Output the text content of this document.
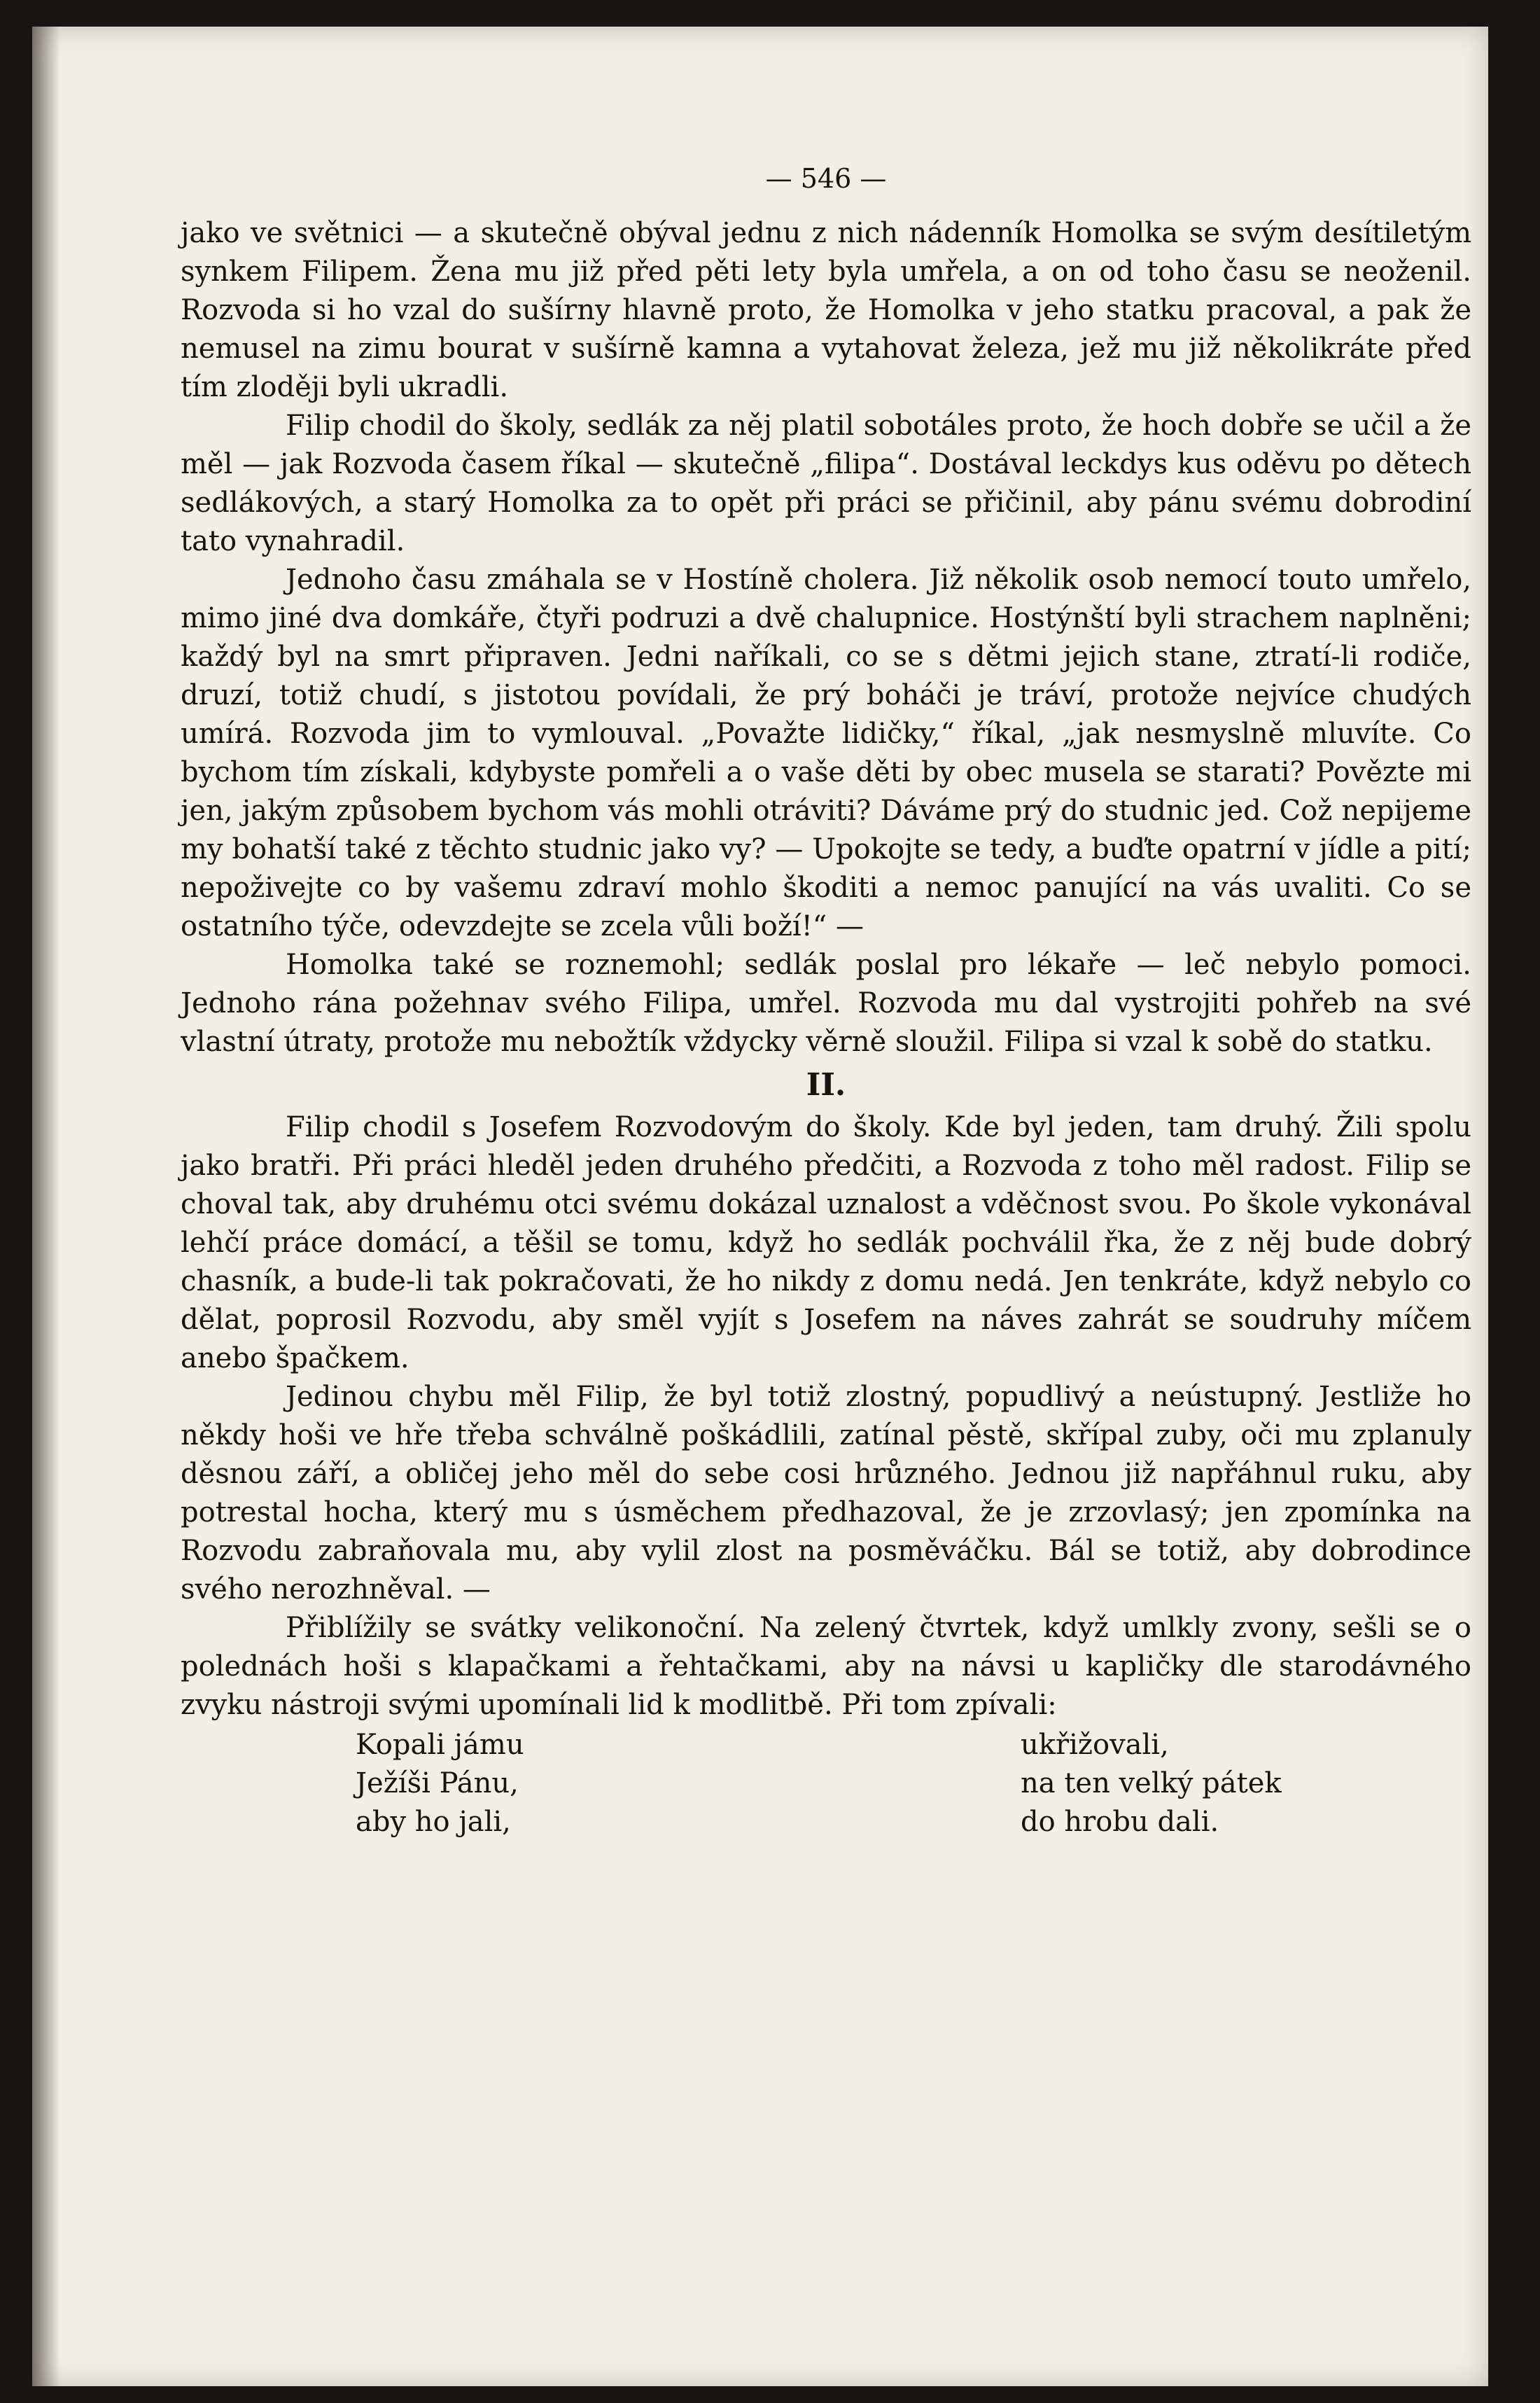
— 546 —

jako ve světnici — a skutečně obýval jednu z nich nádenník Homolka se svým desítiletým synkem Filipem. Žena mu již před pěti lety byla umřela, a on od toho času se neoženil. Rozvoda si ho vzal do sušírny hlavně proto, že Homolka v jeho statku pracoval, a pak že nemusel na zimu bourat v sušírně kamna a vytahovat železa, jež mu již několikráte před tím zloději byli ukradli.

Filip chodil do školy, sedlák za něj platil sobotáles proto, že hoch dobře se učil a že měl — jak Rozvoda časem říkal — skutečně „filipa“. Dostával leckdys kus oděvu po dětech sedlákových, a starý Homolka za to opět při práci se přičinil, aby pánu svému dobrodiní tato vynahradil.

Jednoho času zmáhala se v Hostíně cholera. Již několik osob nemocí touto umřelo, mimo jiné dva domkáře, čtyři podruzi a dvě chalupnice. Hostýnští byli strachem naplněni; každý byl na smrt připraven. Jedni naříkali, co se s dětmi jejich stane, ztratí-li rodiče, druzí, totiž chudí, s jistotou povídali, že prý boháči je tráví, protože nejvíce chudých umírá. Rozvoda jim to vymlouval. „Považte lidičky,“ říkal, „jak nesmyslně mluvíte. Co bychom tím získali, kdybyste pomřeli a o vaše děti by obec musela se starati? Povězte mi jen, jakým způsobem bychom vás mohli otráviti? Dáváme prý do studnic jed. Což nepijeme my bohatší také z těchto studnic jako vy? — Upokojte se tedy, a buďte opatrní v jídle a pití; nepoživejte co by vašemu zdraví mohlo škoditi a nemoc panující na vás uvaliti. Co se ostatního týče, odevzdejte se zcela vůli boží!“ —

Homolka také se roznemohl; sedlák poslal pro lékaře — leč nebylo pomoci. Jednoho rána požehnav svého Filipa, umřel. Rozvoda mu dal vystrojiti pohřeb na své vlastní útraty, protože mu nebožtík vždycky věrně sloužil. Filipa si vzal k sobě do statku.

II.

Filip chodil s Josefem Rozvodovým do školy. Kde byl jeden, tam druhý. Žili spolu jako bratři. Při práci hleděl jeden druhého předčiti, a Rozvoda z toho měl radost. Filip se choval tak, aby druhému otci svému dokázal uznalost a vděčnost svou. Po škole vykonával lehčí práce domácí, a těšil se tomu, když ho sedlák pochválil řka, že z něj bude dobrý chasník, a bude-li tak pokračovati, že ho nikdy z domu nedá. Jen tenkráte, když nebylo co dělat, poprosil Rozvodu, aby směl vyjít s Josefem na náves zahrát se soudruhy míčem anebo špačkem.

Jedinou chybu měl Filip, že byl totiž zlostný, popudlivý a neústupný. Jestliže ho někdy hoši ve hře třeba schválně poškádlili, zatínal pěstě, skřípal zuby, oči mu zplanuly děsnou září, a obličej jeho měl do sebe cosi hrůzného. Jednou již napřáhnul ruku, aby potrestal hocha, který mu s úsměchem předhazoval, že je zrzovlasý; jen zpomínka na Rozvodu zabraňovala mu, aby vylil zlost na posměváčku. Bál se totiž, aby dobrodince svého nerozhněval. —

Přiblížily se svátky velikonoční. Na zelený čtvrtek, když umlkly zvony, sešli se o polednách hoši s klapačkami a řehtačkami, aby na návsi u kapličky dle starodávného zvyku nástroji svými upomínali lid k modlitbě. Při tom zpívali:

Kopali jámu
Ježíši Pánu,
aby ho jali,
ukřižovali,
na ten velký pátek
do hrobu dali.
